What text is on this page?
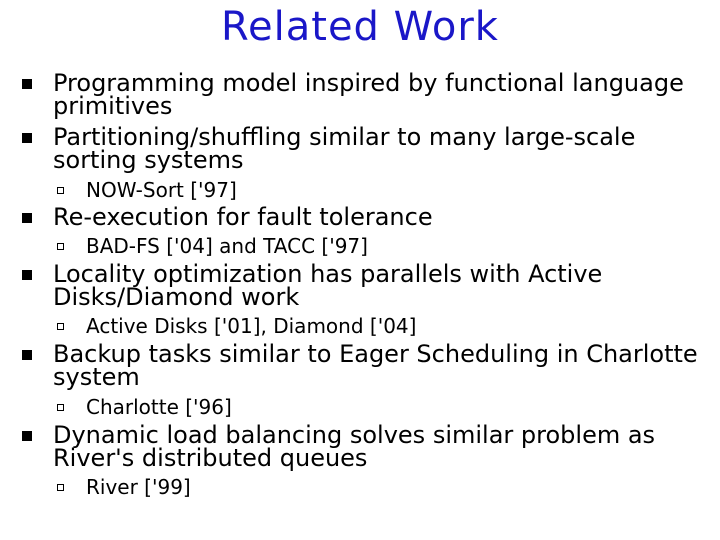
Related Work
Programming model inspired by functional language primitives
Partitioning/shuffling similar to many large-scale sorting systems
NOW-Sort ['97]
Re-execution for fault tolerance
BAD-FS ['04] and TACC ['97]
Locality optimization has parallels with Active Disks/Diamond work
Active Disks ['01], Diamond ['04]
Backup tasks similar to Eager Scheduling in Charlotte system
Charlotte ['96]
Dynamic load balancing solves similar problem as River's distributed queues
River ['99]
